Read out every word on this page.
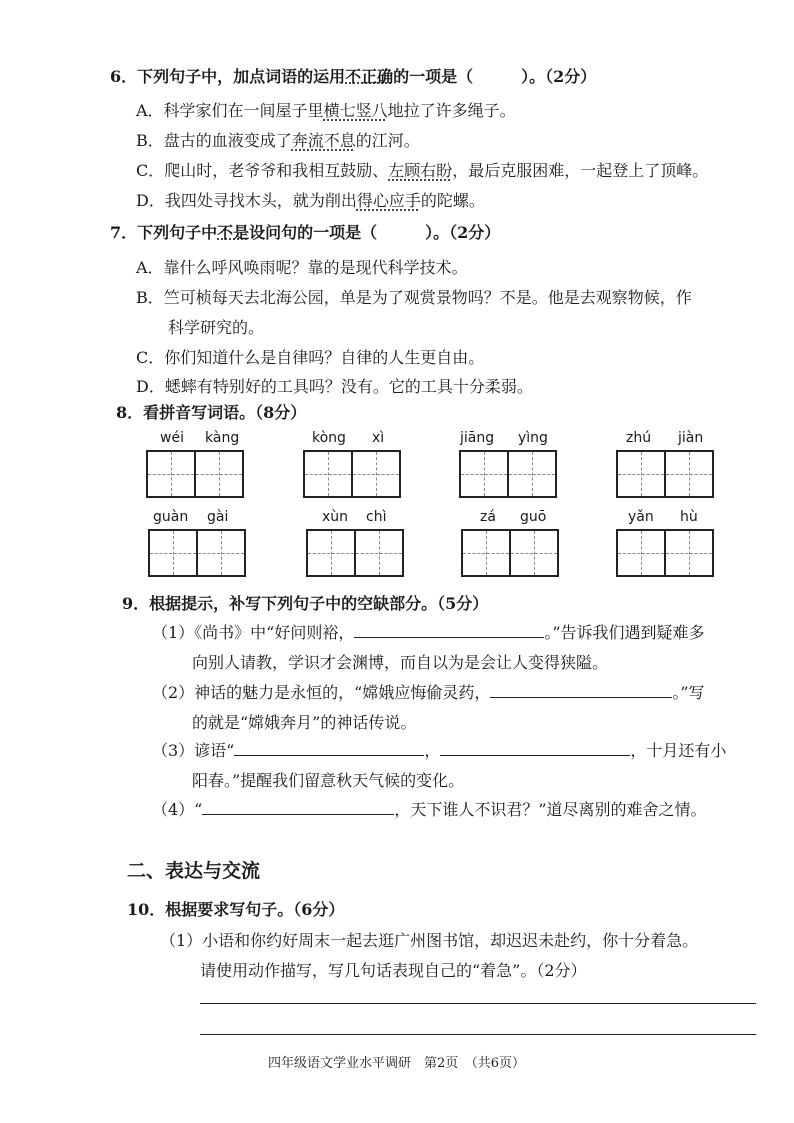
6．下列句子中，加点词语的运用不正确的一项是（	）。（2分）
A．科学家们在一间屋子里横七竖八地拉了许多绳子。
B．盘古的血液变成了奔流不息的江河。
C．爬山时，老爷爷和我相互鼓励、左顾右盼，最后克服困难，一起登上了顶峰。
D．我四处寻找木头，就为削出得心应手的陀螺。
7．下列句子中不是设问句的一项是（	）。（2分）
A．靠什么呼风唤雨呢？靠的是现代科学技术。
B．竺可桢每天去北海公园，单是为了观赏景物吗？不是。他是去观察物候，作
科学研究的。
C．你们知道什么是自律吗？自律的人生更自由。
D．蟋蟀有特别好的工具吗？没有。它的工具十分柔弱。
8．看拼音写词语。（8分）
wéi kàng	kòng xì	jiāng yìng	zhú jiàn
guàn gài	xùn chì	zá guō	yǎn hù
9．根据提示，补写下列句子中的空缺部分。（5分）
（1）《尚书》中“好问则裕，	。”告诉我们遇到疑难多
向别人请教，学识才会渊博，而自以为是会让人变得狭隘。
（2）神话的魅力是永恒的，“嫦娥应悔偷灵药，	。”写
的就是“嫦娥奔月”的神话传说。
（3）谚语“	，	，十月还有小
阳春。”提醒我们留意秋天气候的变化。
（4）“	，天下谁人不识君？”道尽离别的难舍之情。
二、表达与交流
10．根据要求写句子。（6分）
（1）小语和你约好周末一起去逛广州图书馆，却迟迟未赴约，你十分着急。
请使用动作描写，写几句话表现自己的“着急”。（2分）
四年级语文学业水平调研　第2页　（共6页）
